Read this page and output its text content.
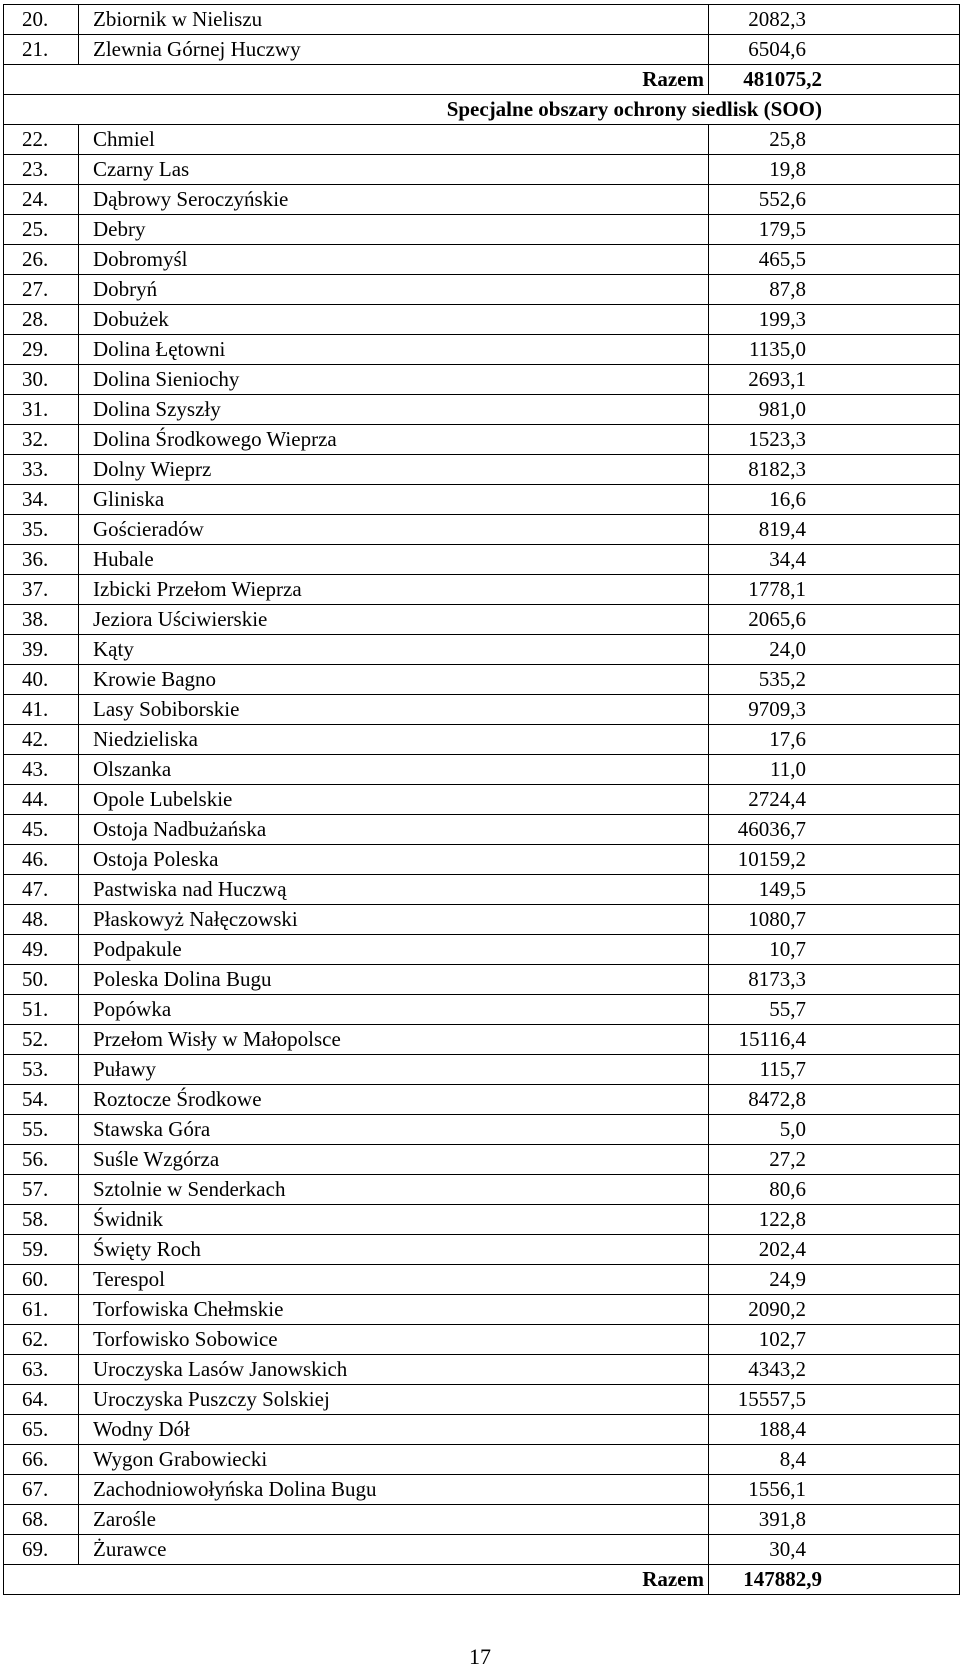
20.	Zbiornik w Nieliszu	2082,3
21.	Zlewnia Górnej Huczwy	6504,6
Razem		481075,2
Specjalne obszary ochrony siedlisk (SOO)		
22.	Chmiel	25,8
23.	Czarny Las	19,8
24.	Dąbrowy Seroczyńskie	552,6
25.	Debry	179,5
26.	Dobromyśl	465,5
27.	Dobryń	87,8
28.	Dobużek	199,3
29.	Dolina Łętowni	1135,0
30.	Dolina Sieniochy	2693,1
31.	Dolina Szyszły	981,0
32.	Dolina Środkowego Wieprza	1523,3
33.	Dolny Wieprz	8182,3
34.	Gliniska	16,6
35.	Gościeradów	819,4
36.	Hubale	34,4
37.	Izbicki Przełom Wieprza	1778,1
38.	Jeziora Uściwierskie	2065,6
39.	Kąty	24,0
40.	Krowie Bagno	535,2
41.	Lasy Sobiborskie	9709,3
42.	Niedzieliska	17,6
43.	Olszanka	11,0
44.	Opole Lubelskie	2724,4
45.	Ostoja Nadbużańska	46036,7
46.	Ostoja Poleska	10159,2
47.	Pastwiska nad Huczwą	149,5
48.	Płaskowyż Nałęczowski	1080,7
49.	Podpakule	10,7
50.	Poleska Dolina Bugu	8173,3
51.	Popówka	55,7
52.	Przełom Wisły w Małopolsce	15116,4
53.	Puławy	115,7
54.	Roztocze Środkowe	8472,8
55.	Stawska Góra	5,0
56.	Suśle Wzgórza	27,2
57.	Sztolnie w Senderkach	80,6
58.	Świdnik	122,8
59.	Święty Roch	202,4
60.	Terespol	24,9
61.	Torfowiska Chełmskie	2090,2
62.	Torfowisko Sobowice	102,7
63.	Uroczyska Lasów Janowskich	4343,2
64.	Uroczyska Puszczy Solskiej	15557,5
65.	Wodny Dół	188,4
66.	Wygon Grabowiecki	8,4
67.	Zachodniowołyńska Dolina Bugu	1556,1
68.	Zarośle	391,8
69.	Żurawce	30,4
Razem		147882,9
17
